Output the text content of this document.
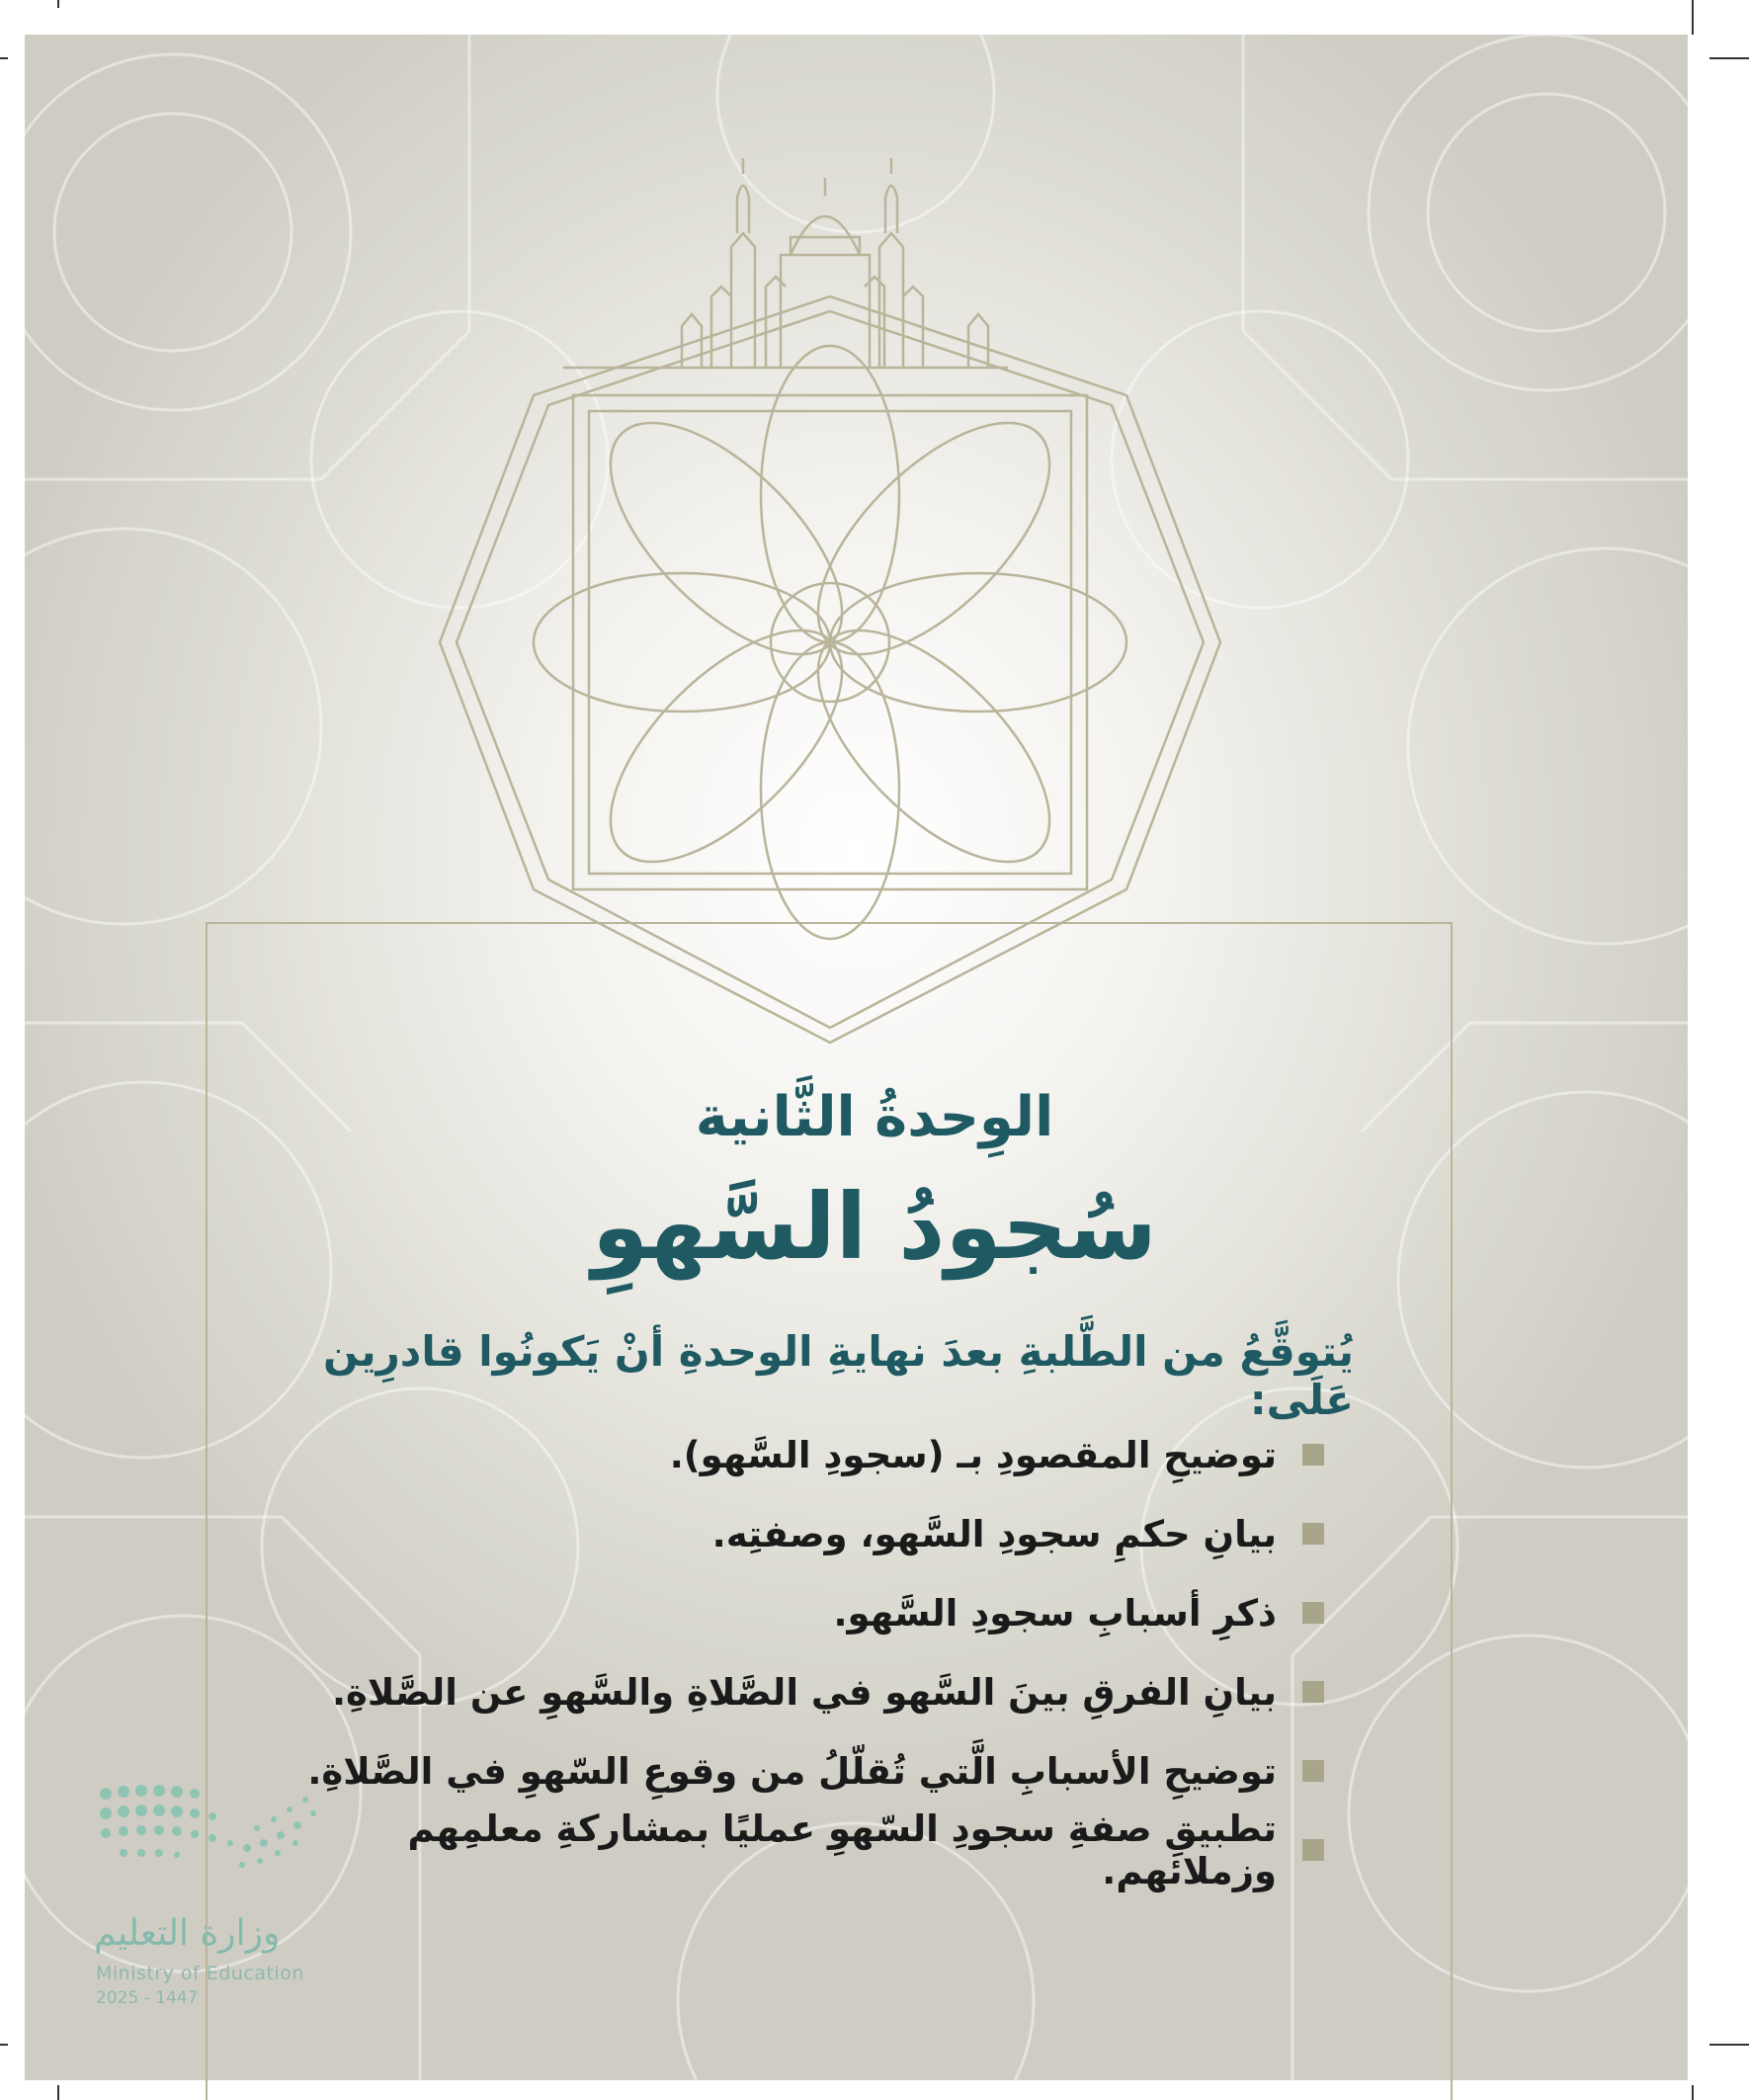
الوِحدةُ الثَّانية
سُجودُ السَّهوِ
يُتوقَّعُ من الطَّلبةِ بعدَ نهايةِ الوحدةِ أنْ يَكونُوا قادرِين عَلَى:
توضيحِ المقصودِ بـ (سجودِ السَّهو).
بيانِ حكمِ سجودِ السَّهو، وصفتِه.
ذكرِ أسبابِ سجودِ السَّهو.
بيانِ الفرقِ بينَ السَّهو في الصَّلاةِ والسَّهوِ عن الصَّلاةِ.
توضيحِ الأسبابِ الَّتي تُقلّلُ من وقوعِ السّهوِ في الصَّلاةِ.
تطبيقِ صفةِ سجودِ السّهوِ عمليًا بمشاركةِ معلمِهم وزملائهم.
وزارة التعليم
Ministry of Education
2025 - 1447
